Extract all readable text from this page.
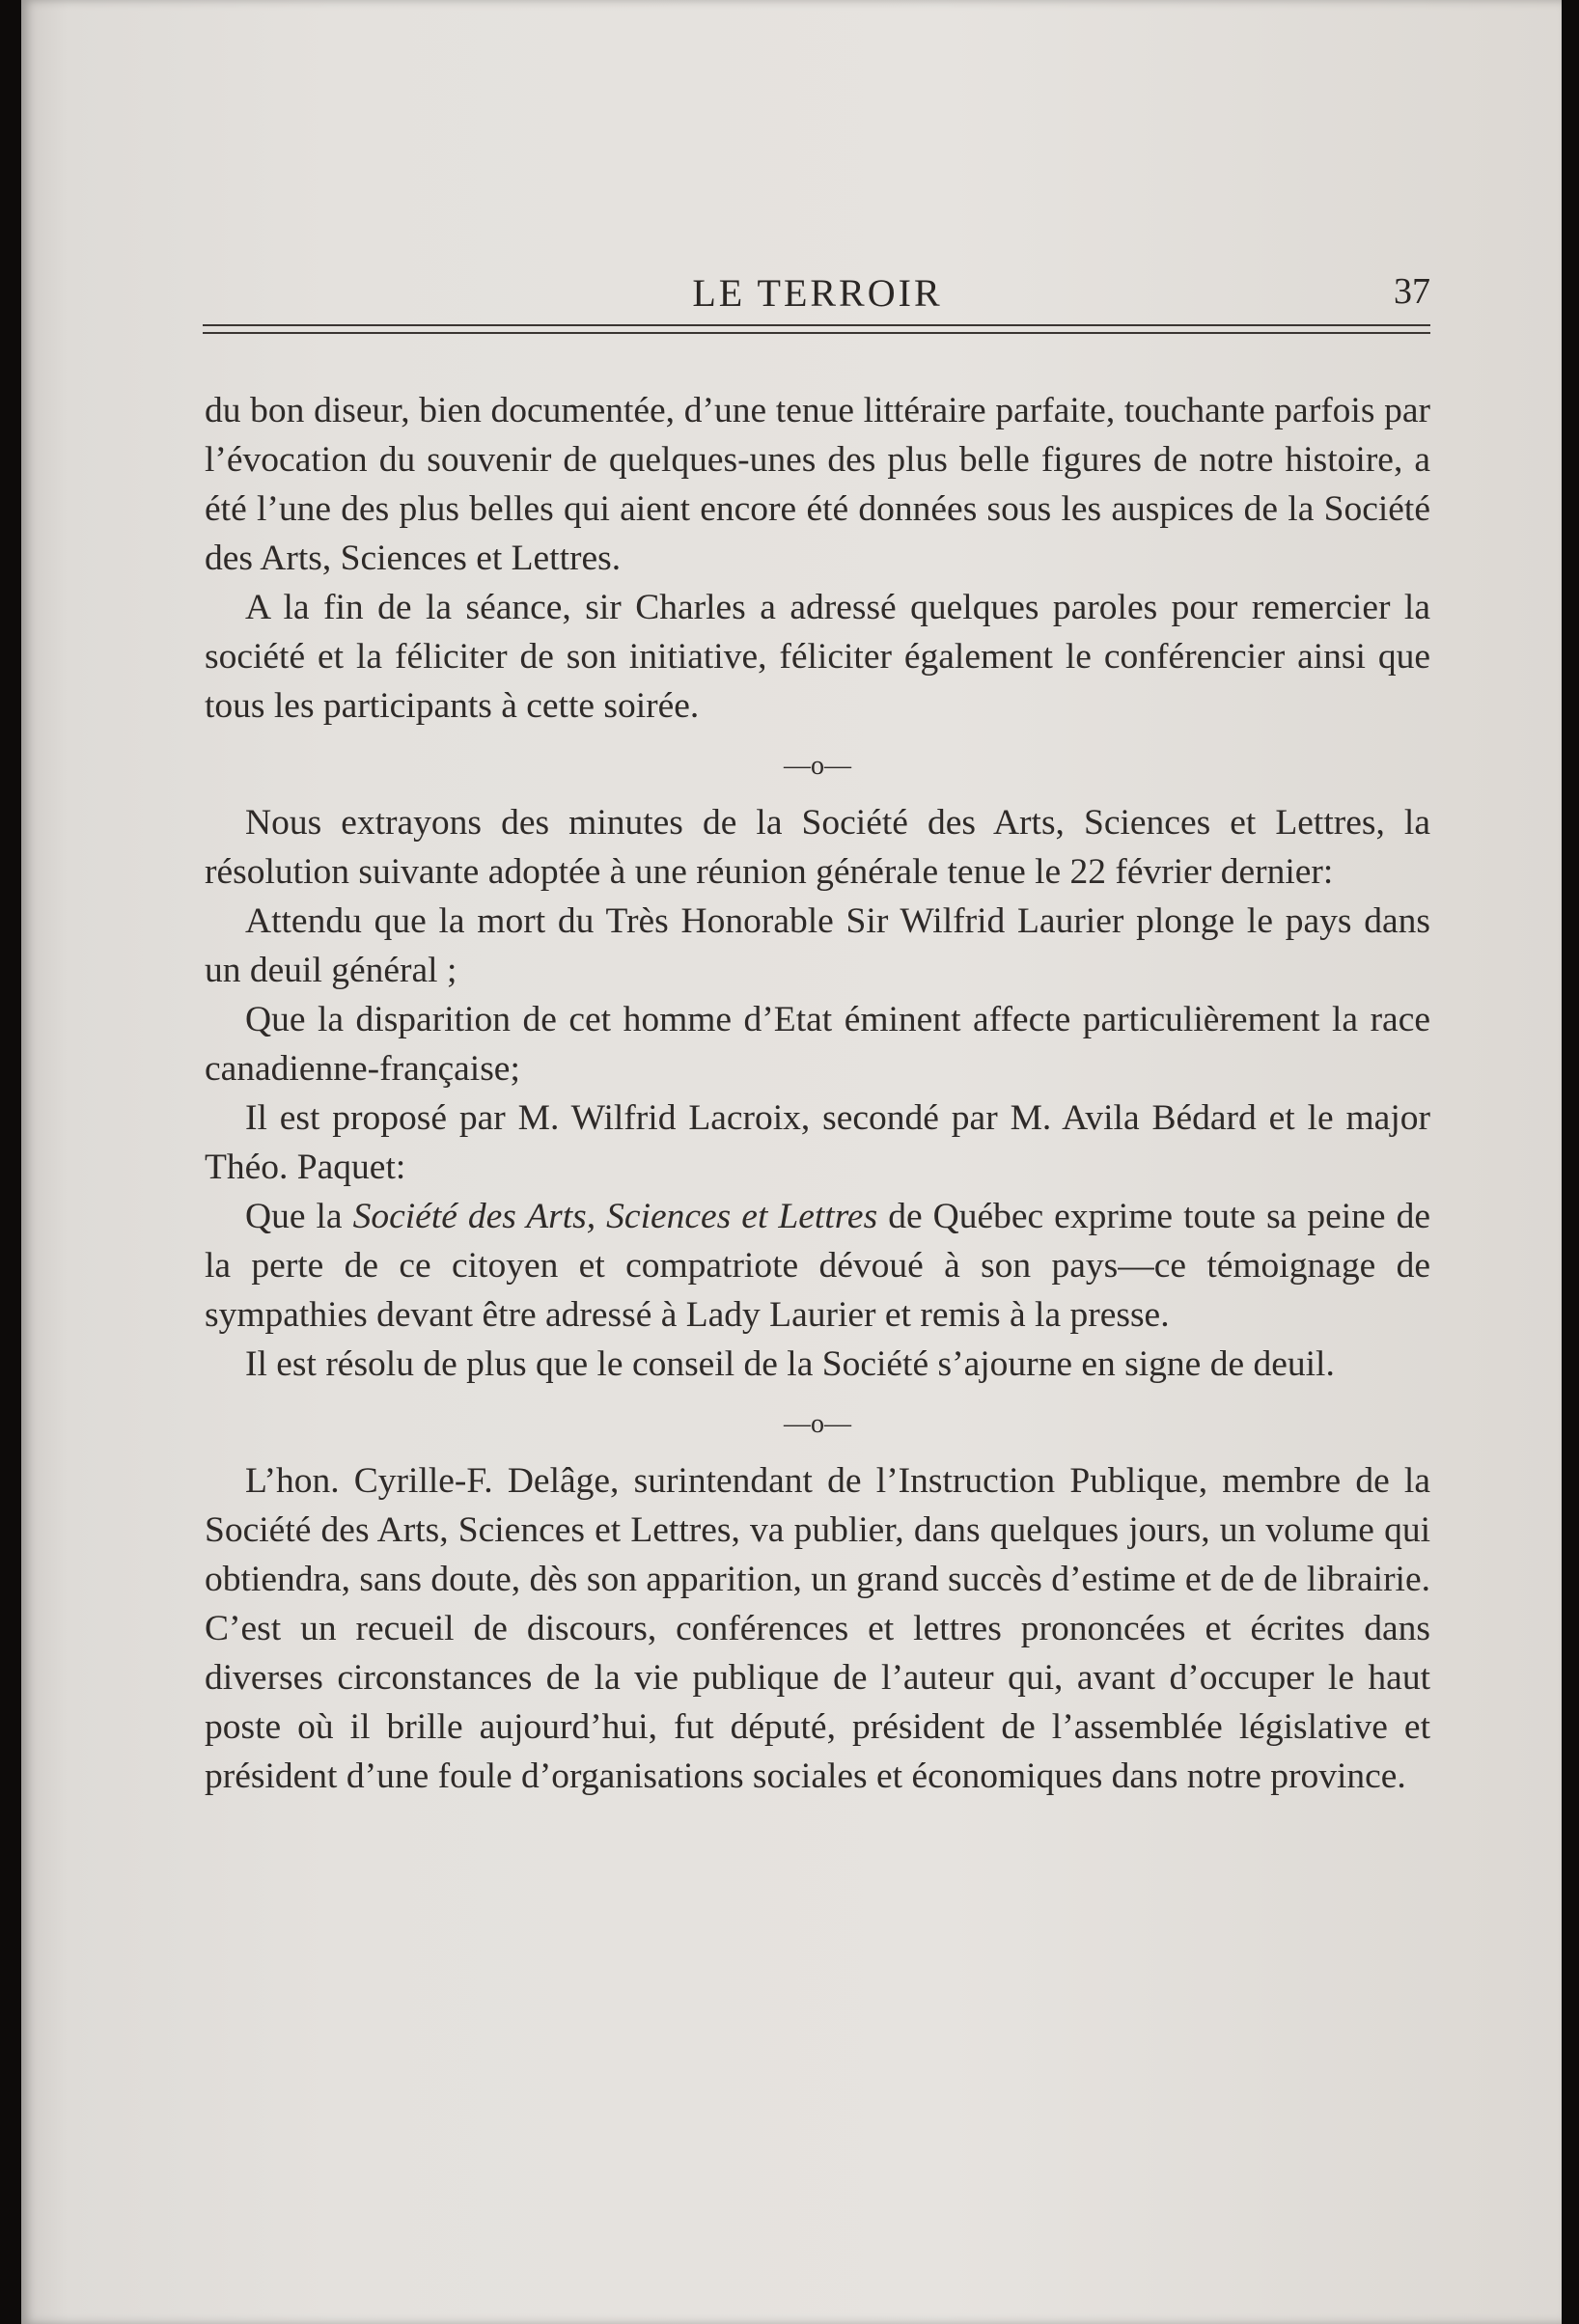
LE TERROIR	37

du bon diseur, bien documentée, d’une tenue littéraire parfaite, touchante parfois par l’évocation du souvenir de quelques-unes des plus belle figures de notre histoire, a été l’une des plus belles qui aient encore été données sous les auspices de la Société des Arts, Sciences et Lettres.

A la fin de la séance, sir Charles a adressé quelques paroles pour remercier la société et la féliciter de son initiative, féliciter également le conférencier ainsi que tous les participants à cette soirée.

—o—

Nous extrayons des minutes de la Société des Arts, Sciences et Lettres, la résolution suivante adoptée à une réunion générale tenue le 22 février dernier:

Attendu que la mort du Très Honorable Sir Wilfrid Laurier plonge le pays dans un deuil général ;

Que la disparition de cet homme d’Etat éminent affecte particulièrement la race canadienne-française;

Il est proposé par M. Wilfrid Lacroix, secondé par M. Avila Bédard et le major Théo. Paquet:

Que la Société des Arts, Sciences et Lettres de Québec exprime toute sa peine de la perte de ce citoyen et compatriote dévoué à son pays—ce témoignage de sympathies devant être adressé à Lady Laurier et remis à la presse.

Il est résolu de plus que le conseil de la Société s’ajourne en signe de deuil.

—o—

L’hon. Cyrille-F. Delâge, surintendant de l’Instruction Publique, membre de la Société des Arts, Sciences et Lettres, va publier, dans quelques jours, un volume qui obtiendra, sans doute, dès son apparition, un grand succès d’estime et de de librairie. C’est un recueil de discours, conférences et lettres prononcées et écrites dans diverses circonstances de la vie publique de l’auteur qui, avant d’occuper le haut poste où il brille aujourd’hui, fut député, président de l’assemblée législative et président d’une foule d’organisations sociales et économiques dans notre province.
